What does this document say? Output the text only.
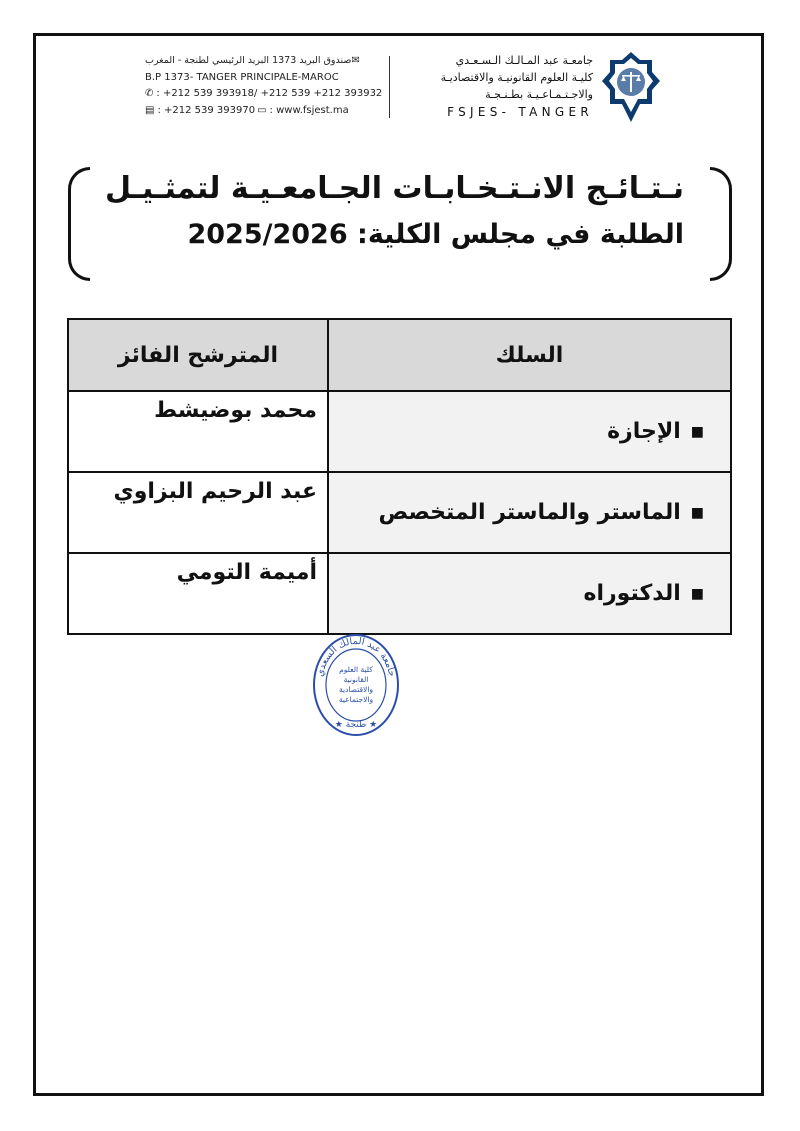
✉صندوق البريد 1373 البريد الرئيسي لطنجة - المغرب
B.P 1373- TANGER PRINCIPALE-MAROC
✆ : +212 539 393918/ +212 539 +212 393932
▤ : +212 539 393970 ▭ : www.fsjest.ma
جامعـة عبد المـالـك الـسـعـدي
كليـة العلوم القانونيـة والاقتصاديـة
والاجـتـمـاعـيـة بطـنـجـة
FSJES- TANGER
نـتـائـج الانـتـخـابـات الجـامعـيـة لتمثـيـل
الطلبة في مجلس الكلية: 2025/2026
السلك	المترشح الفائز
■الإجازة	محمد بوضيشط
■الماستر والماستر المتخصص	عبد الرحيم البزاوي
■الدكتوراه	أميمة التومي
جامعة عبد المالك السعدي
كلية العلوم
القانونية
والاقتصادية
والاجتماعية
★ طنجة ★
